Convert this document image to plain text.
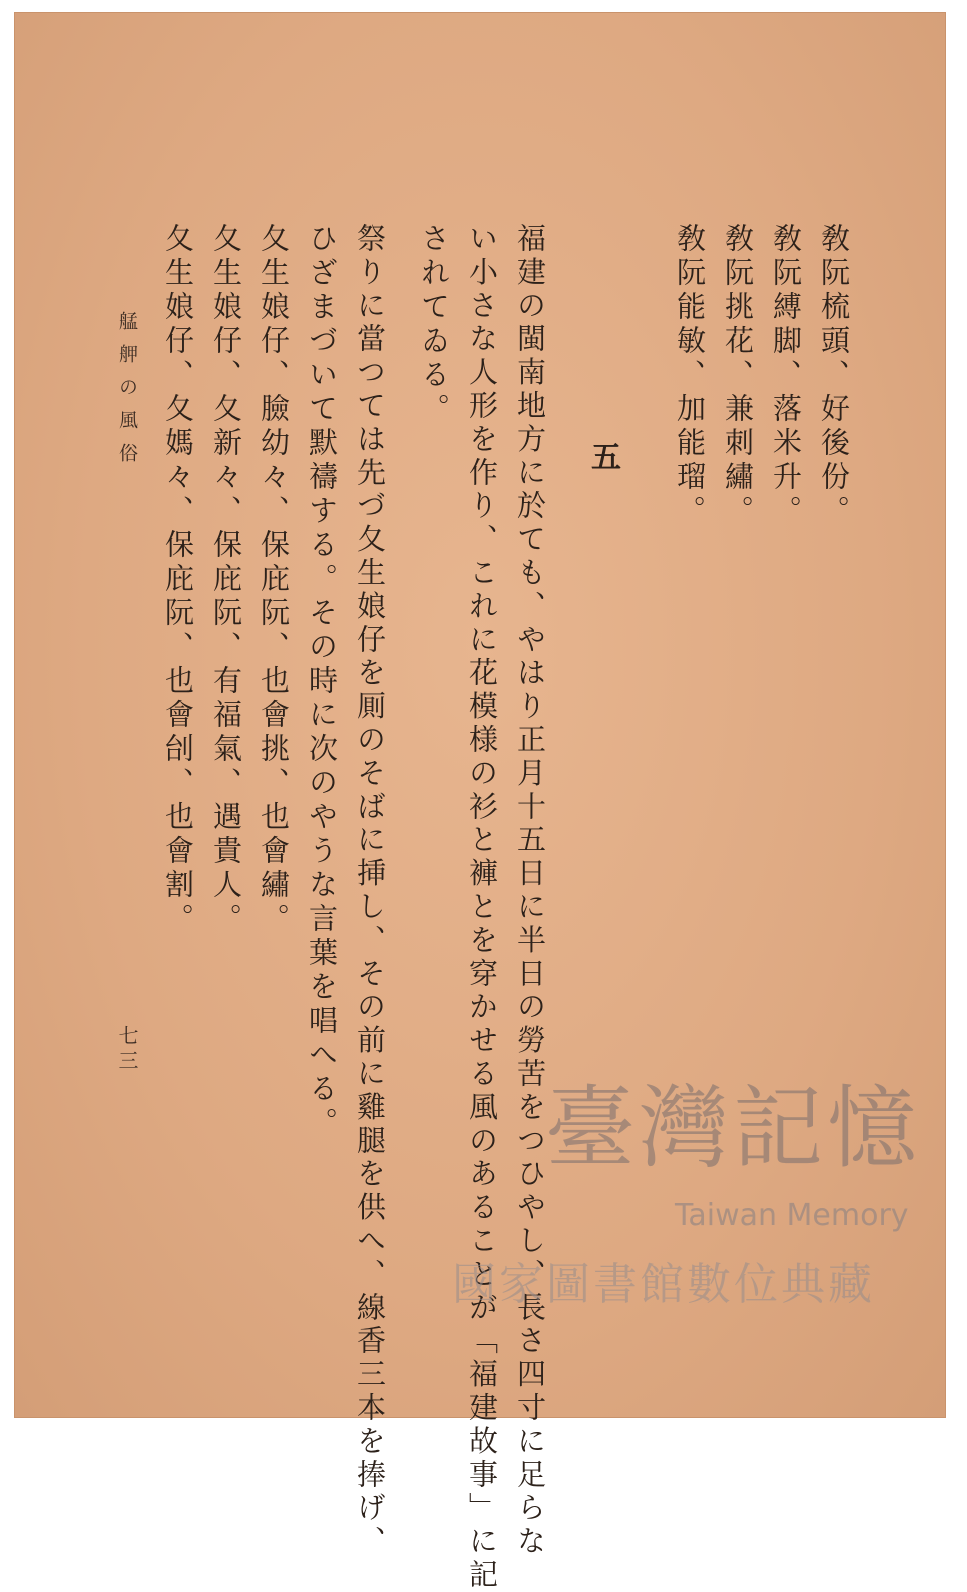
敎阮梳頭、好後份。
敎阮縛脚、落米升。
敎阮挑花、兼刺繡。
敎阮能敏、加能瑠。
五
福建の閩南地方に於ても、やはり正月十五日に半日の勞苦をつひやし、長さ四寸に足らな
い小さな人形を作り、これに花模様の衫と褲とを穿かせる風のあることが「福建故事」に記
されてゐる。
祭りに當つては先づ夂生娘仔を厠のそばに挿し、その前に雞腿を供へ、線香三本を捧げ、
ひざまづいて默禱する。その時に次のやうな言葉を唱へる。
夂生娘仔、臉幼々、保庇阮、也會挑、也會繡。
夂生娘仔、夂新々、保庇阮、有福氣、遇貴人。
夂生娘仔、夂媽々、保庇阮、也會刣、也會割。
艋舺の風俗
七三
臺灣記憶
Taiwan Memory
國家圖書館數位典藏
